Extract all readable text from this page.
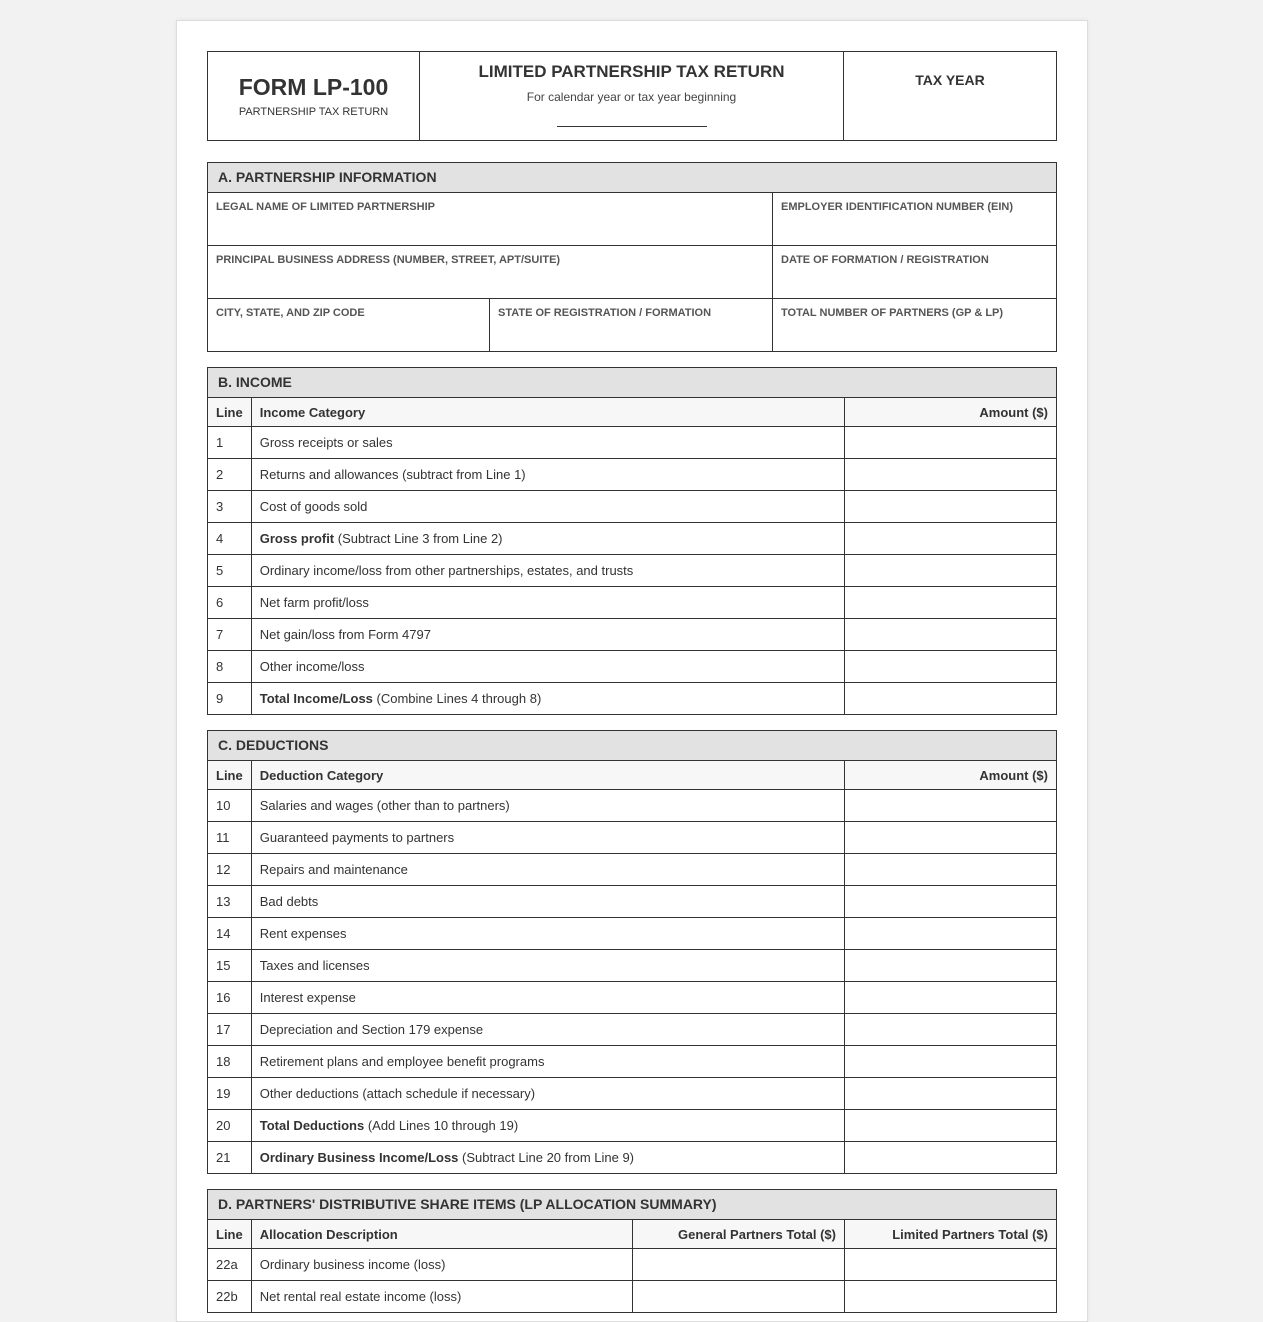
FORM LP-100
PARTNERSHIP TAX RETURN
LIMITED PARTNERSHIP TAX RETURN
For calendar year or tax year beginning
TAX YEAR
A. PARTNERSHIP INFORMATION
LEGAL NAME OF LIMITED PARTNERSHIP	EMPLOYER IDENTIFICATION NUMBER (EIN)
PRINCIPAL BUSINESS ADDRESS (NUMBER, STREET, APT/SUITE)	DATE OF FORMATION / REGISTRATION
CITY, STATE, AND ZIP CODE	STATE OF REGISTRATION / FORMATION	TOTAL NUMBER OF PARTNERS (GP & LP)
B. INCOME
Line	Income Category	Amount ($)
1	Gross receipts or sales	
2	Returns and allowances (subtract from Line 1)	
3	Cost of goods sold	
4	Gross profit (Subtract Line 3 from Line 2)	
5	Ordinary income/loss from other partnerships, estates, and trusts	
6	Net farm profit/loss	
7	Net gain/loss from Form 4797	
8	Other income/loss	
9	Total Income/Loss (Combine Lines 4 through 8)	
C. DEDUCTIONS
Line	Deduction Category	Amount ($)
10	Salaries and wages (other than to partners)	
11	Guaranteed payments to partners	
12	Repairs and maintenance	
13	Bad debts	
14	Rent expenses	
15	Taxes and licenses	
16	Interest expense	
17	Depreciation and Section 179 expense	
18	Retirement plans and employee benefit programs	
19	Other deductions (attach schedule if necessary)	
20	Total Deductions (Add Lines 10 through 19)	
21	Ordinary Business Income/Loss (Subtract Line 20 from Line 9)	
D. PARTNERS' DISTRIBUTIVE SHARE ITEMS (LP ALLOCATION SUMMARY)
Line	Allocation Description	General Partners Total ($)	Limited Partners Total ($)
22a	Ordinary business income (loss)		
22b	Net rental real estate income (loss)		
